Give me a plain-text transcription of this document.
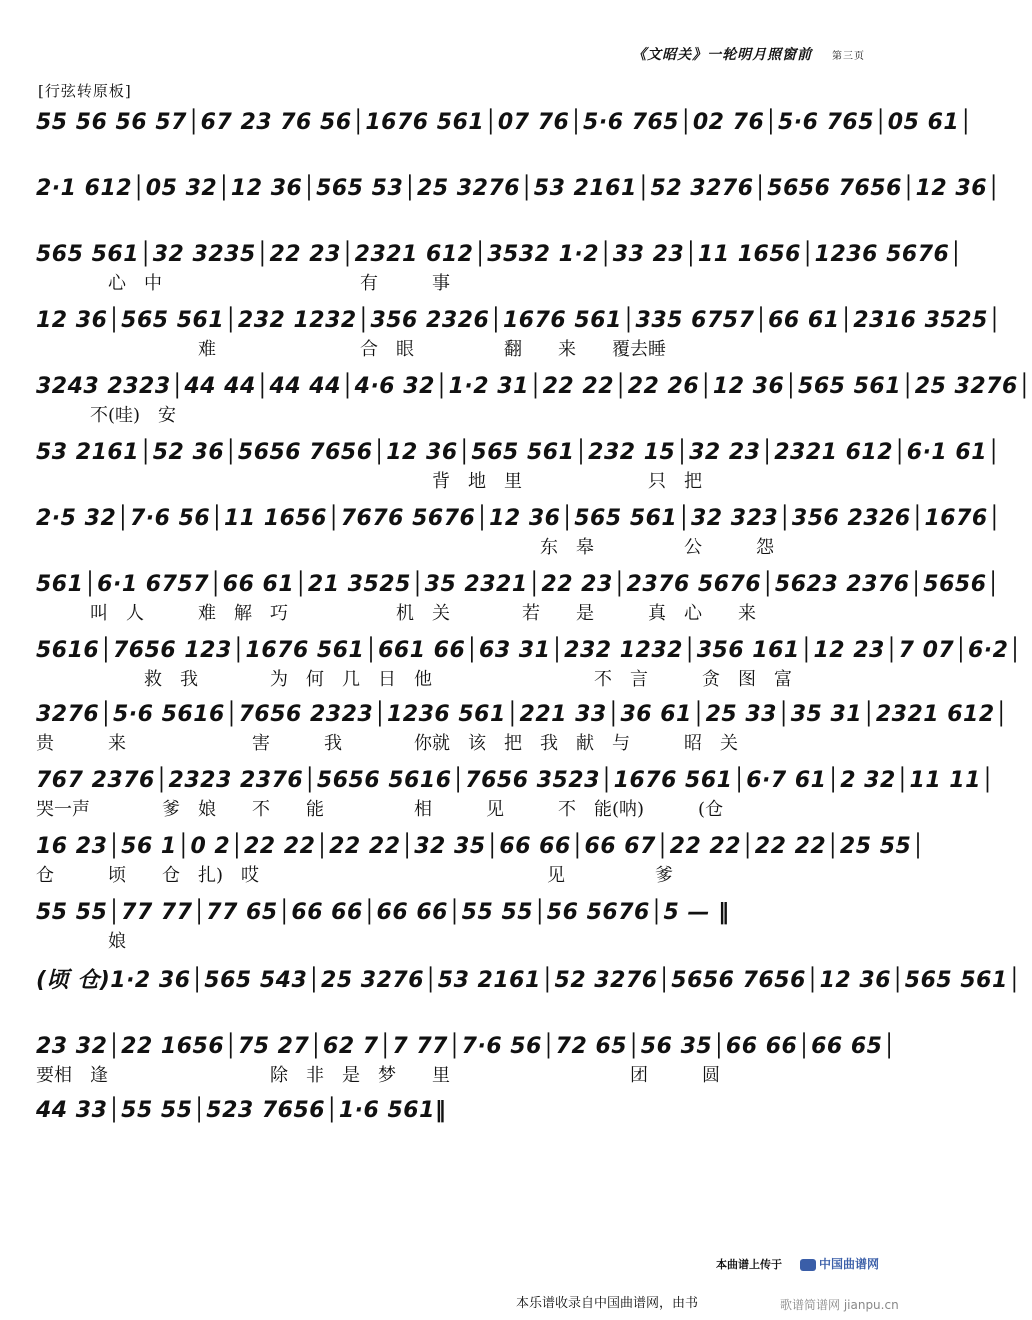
《文昭关》一轮明月照窗前 第三页
[行弦转原板]
55 56 56 57│67 23 76 56│1676 561│07 76│5·6 765│02 76│5·6 765│05 61│
2·1 612│05 32│12 36│565 53│25 3276│53 2161│52 3276│5656 7656│12 36│
565 561│32 3235│22 23│2321 612│3532 1·2│33 23│11 1656│1236 5676│
　　　　心　中　　　　　　　　　　　有　　　事
12 36│565 561│232 1232│356 2326│1676 561│335 6757│66 61│2316 3525│
　　　　　　　　　难　　　　　　　　合　眼　　　　　翻　　来　　覆去睡
3243 2323│44 44│44 44│4·6 32│1·2 31│22 22│22 26│12 36│565 561│25 3276│
　　　不(哇)　安
53 2161│52 36│5656 7656│12 36│565 561│232 15│32 23│2321 612│6·1 61│
　　　　　　　　　　　　　　　　　　　　　　背　地　里　　　　　　　只　把
2·5 32│7·6 56│11 1656│7676 5676│12 36│565 561│32 323│356 2326│1676│
　　　　　　　　　　　　　　　　　　　　　　　　　　　　东　皋　　　　　公　　　怨
561│6·1 6757│66 61│21 3525│35 2321│22 23│2376 5676│5623 2376│5656│
　　　叫　人　　　难　解　巧　　　　　　机　关　　　　若　　是　　　真　心　　来
5616│7656 123│1676 561│661 66│63 31│232 1232│356 161│12 23│7 07│6·2│
　　　　　　救　我　　　　为　何　几　日　他　　　　　　　　　不　言　　　贪　图　富
3276│5·6 5616│7656 2323│1236 561│221 33│36 61│25 33│35 31│2321 612│
贵　　　来　　　　　　　害　　　我　　　　你就　该　把　我　献　与　　　昭　关
767 2376│2323 2376│5656 5616│7656 3523│1676 561│6·7 61│2 32│11 11│
哭一声　　　　爹　娘　　不　　能　　　　　相　　　见　　　不　能(呐)　　　(仓
16 23│56 1│0 2│22 22│22 22│32 35│66 66│66 67│22 22│22 22│25 55│
仓　　　顷　　仓　扎)　哎　　　　　　　　　　　　　　　　见　　　　　爹
55 55│77 77│77 65│66 66│66 66│55 55│56 5676│5 — ‖
　　　　娘
(顷 仓)1·2 36│565 543│25 3276│53 2161│52 3276│5656 7656│12 36│565 561│
23 32│22 1656│75 27│62 7│7 77│7·6 56│72 65│56 35│66 66│66 65│
要相　逢　　　　　　　　　除　非　是　梦　　里　　　　　　　　　　团　　　圆
44 33│55 55│523 7656│1·6 561‖
本曲谱上传于	中国曲谱网
本乐谱收录自中国曲谱网，由书	歌谱简谱网 jianpu.cn
